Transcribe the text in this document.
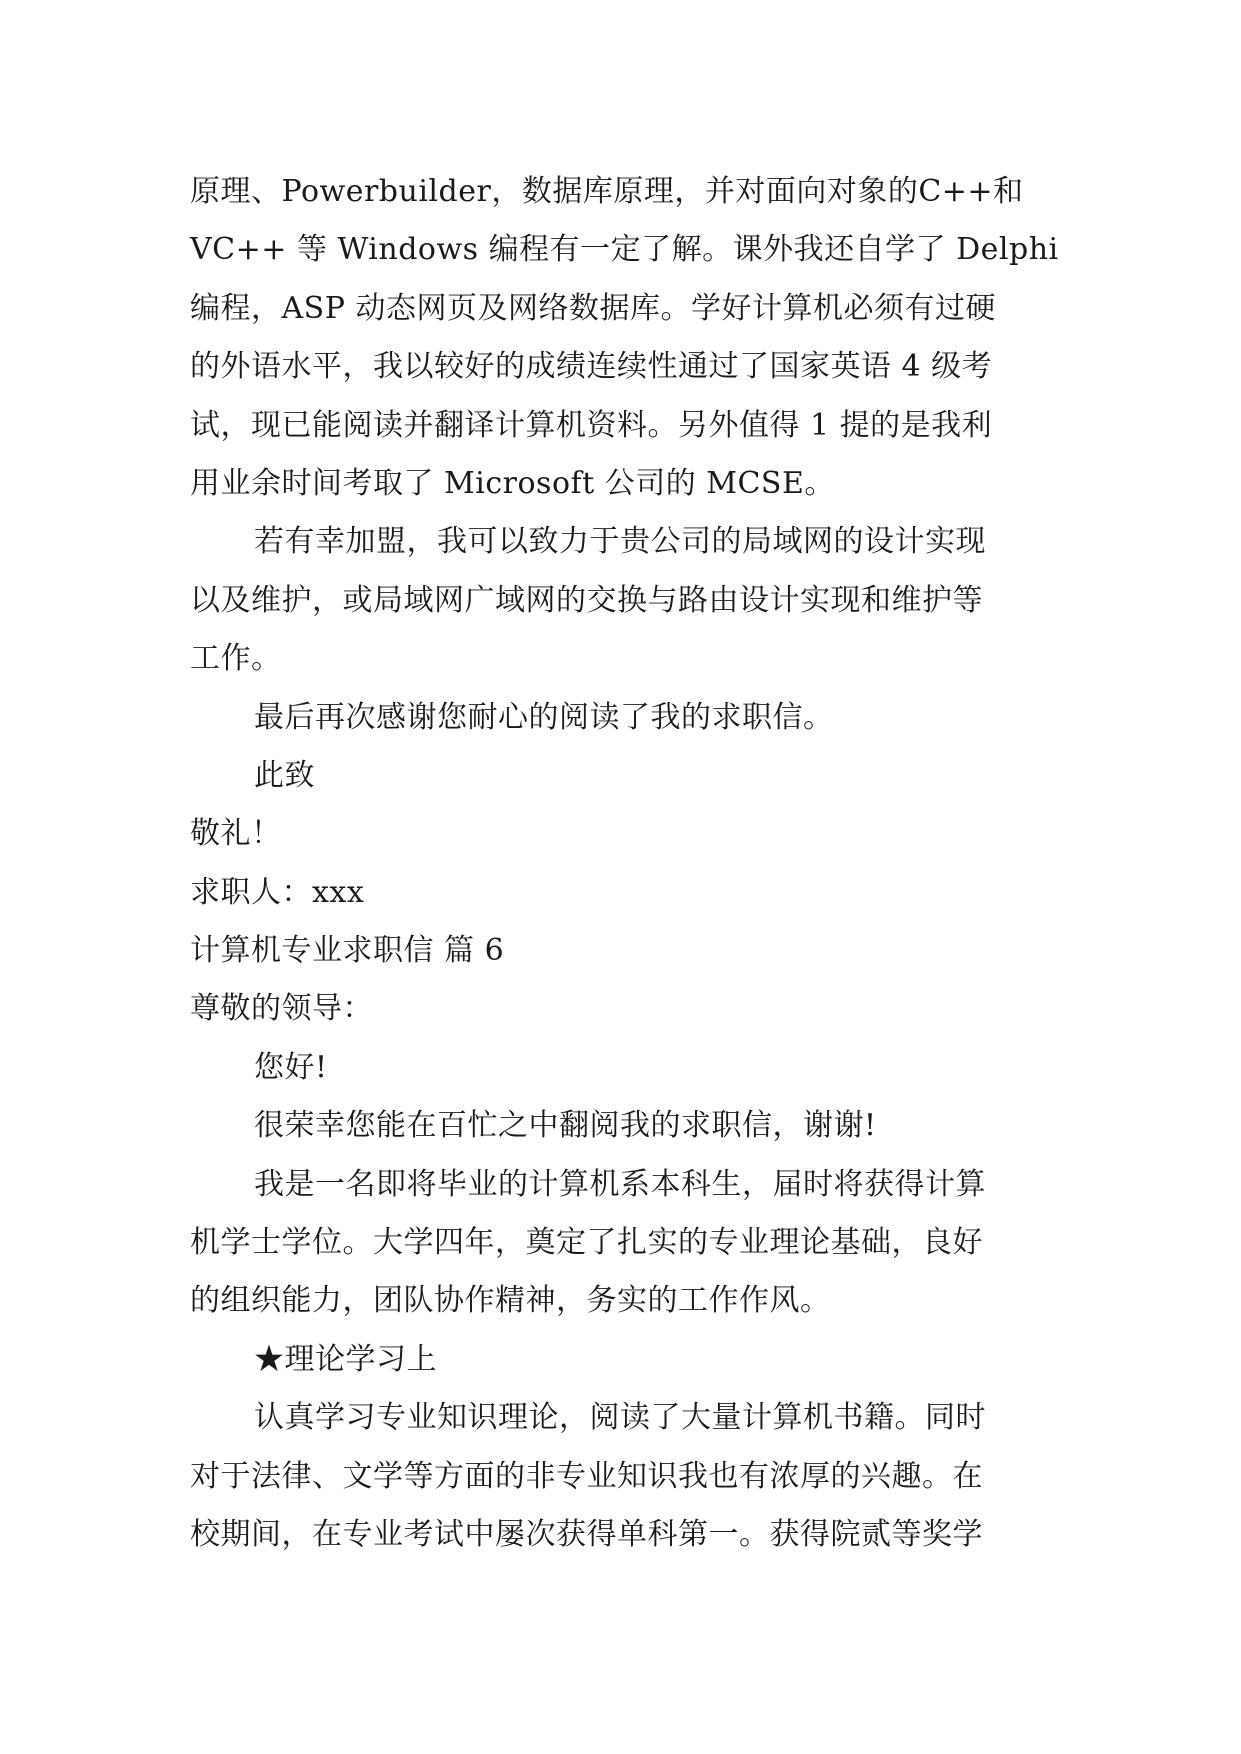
原理、Powerbuilder，数据库原理，并对面向对象的C++和
VC++ 等 Windows 编程有一定了解。课外我还自学了 Delphi
编程，ASP 动态网页及网络数据库。学好计算机必须有过硬
的外语水平，我以较好的成绩连续性通过了国家英语 4 级考
试，现已能阅读并翻译计算机资料。另外值得 1 提的是我利
用业余时间考取了 Microsoft 公司的 MCSE。
若有幸加盟，我可以致力于贵公司的局域网的设计实现
以及维护，或局域网广域网的交换与路由设计实现和维护等
工作。
最后再次感谢您耐心的阅读了我的求职信。
此致
敬礼！
求职人：xxx
计算机专业求职信 篇 6
尊敬的领导：
您好!
很荣幸您能在百忙之中翻阅我的求职信，谢谢!
我是一名即将毕业的计算机系本科生，届时将获得计算
机学士学位。大学四年，奠定了扎实的专业理论基础，良好
的组织能力，团队协作精神，务实的工作作风。
★理论学习上
认真学习专业知识理论，阅读了大量计算机书籍。同时
对于法律、文学等方面的非专业知识我也有浓厚的兴趣。在
校期间，在专业考试中屡次获得单科第一。获得院贰等奖学
